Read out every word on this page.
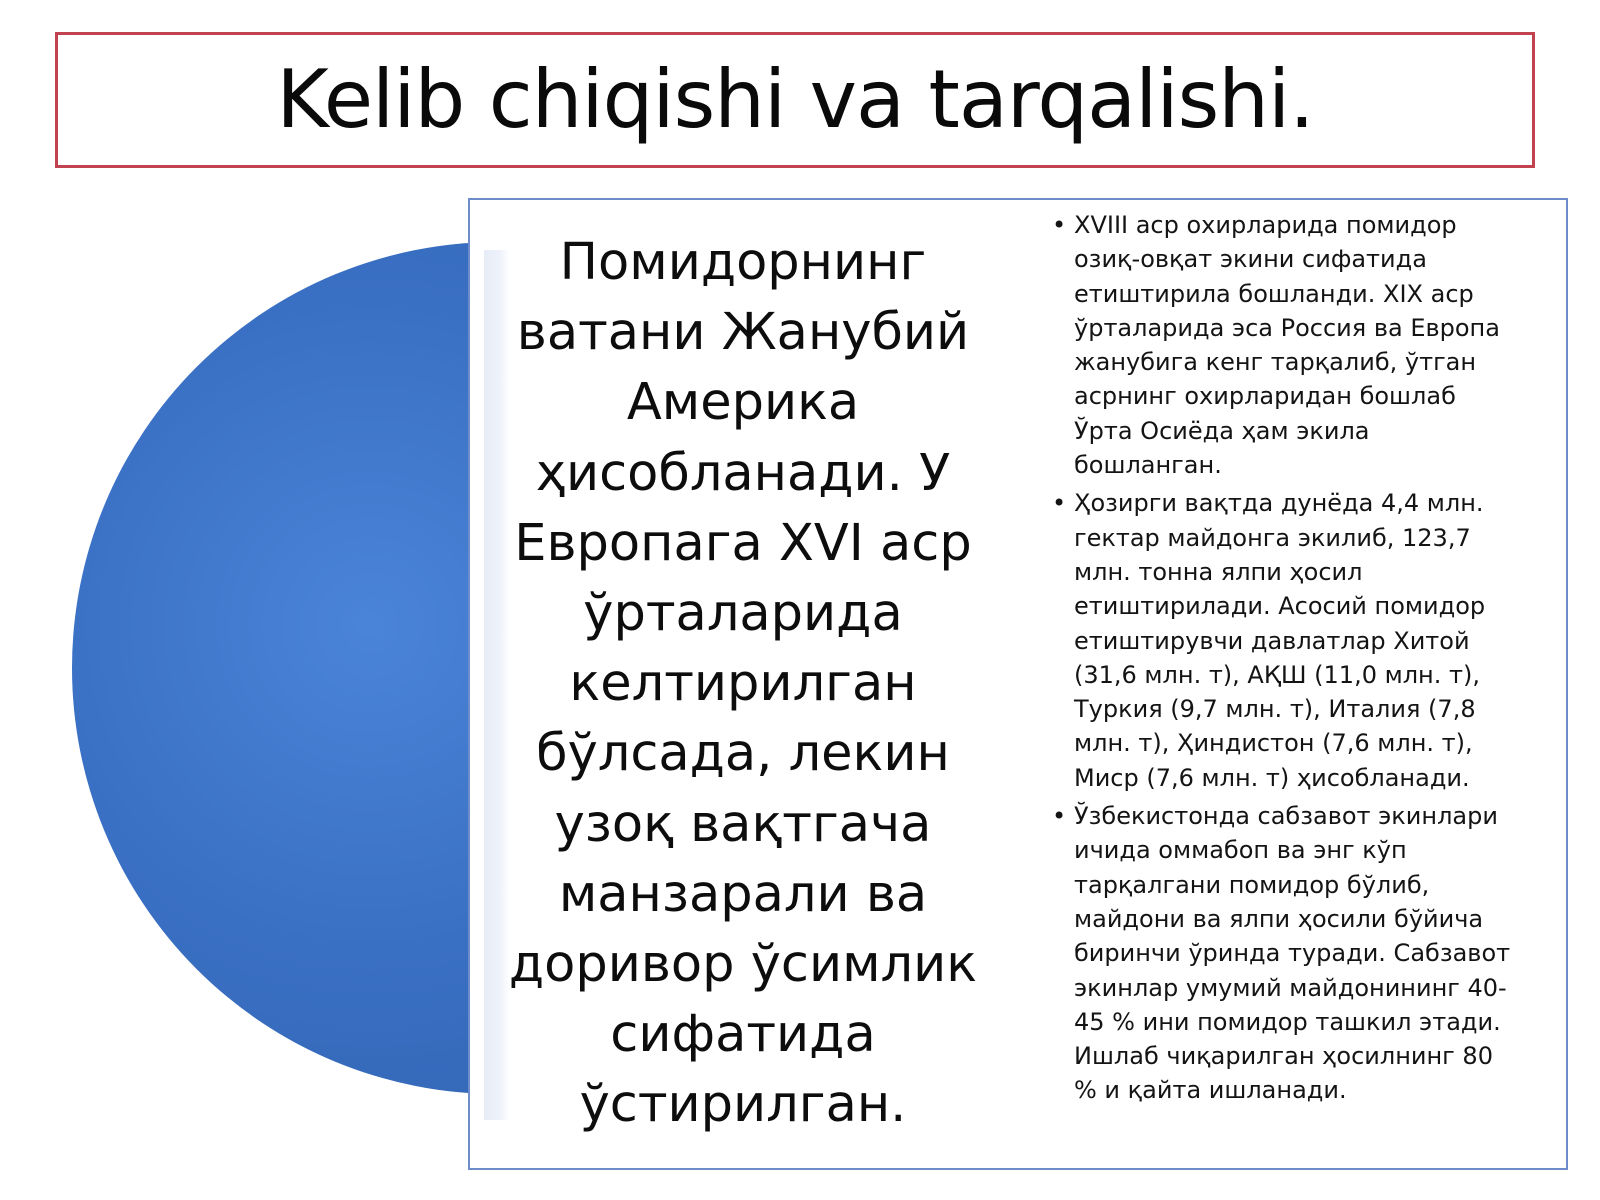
Kelib chiqishi va tarqalishi.
Помидорнинг ватани Жанубий Америка ҳисобланади. У Европага XVI аср ўрталарида келтирилган бўлсада, лекин узоқ вақтгача манзарали ва доривор ўсимлик сифатида ўстирилган.
• XVIII аср охирларида помидор озиқ-овқат экини сифатида етиштирила бошланди. XIX аср ўрталарида эса Россия ва Европа жанубига кенг тарқалиб, ўтган асрнинг охирларидан бошлаб Ўрта Осиёда ҳам экила бошланган.
• Ҳозирги вақтда дунёда 4,4 млн. гектар майдонга экилиб, 123,7 млн. тонна ялпи ҳосил етиштирилади. Асосий помидор етиштирувчи давлатлар Хитой (31,6 млн. т), АҚШ (11,0 млн. т), Туркия (9,7 млн. т), Италия (7,8 млн. т), Ҳиндистон (7,6 млн. т), Миср (7,6 млн. т) ҳисобланади.
• Ўзбекистонда сабзавот экинлари ичида оммабоп ва энг кўп тарқалгани помидор бўлиб, майдони ва ялпи ҳосили бўйича биринчи ўринда туради. Сабзавот экинлар умумий майдонининг 40-45 % ини помидор ташкил этади. Ишлаб чиқарилган ҳосилнинг 80 % и қайта ишланади.
